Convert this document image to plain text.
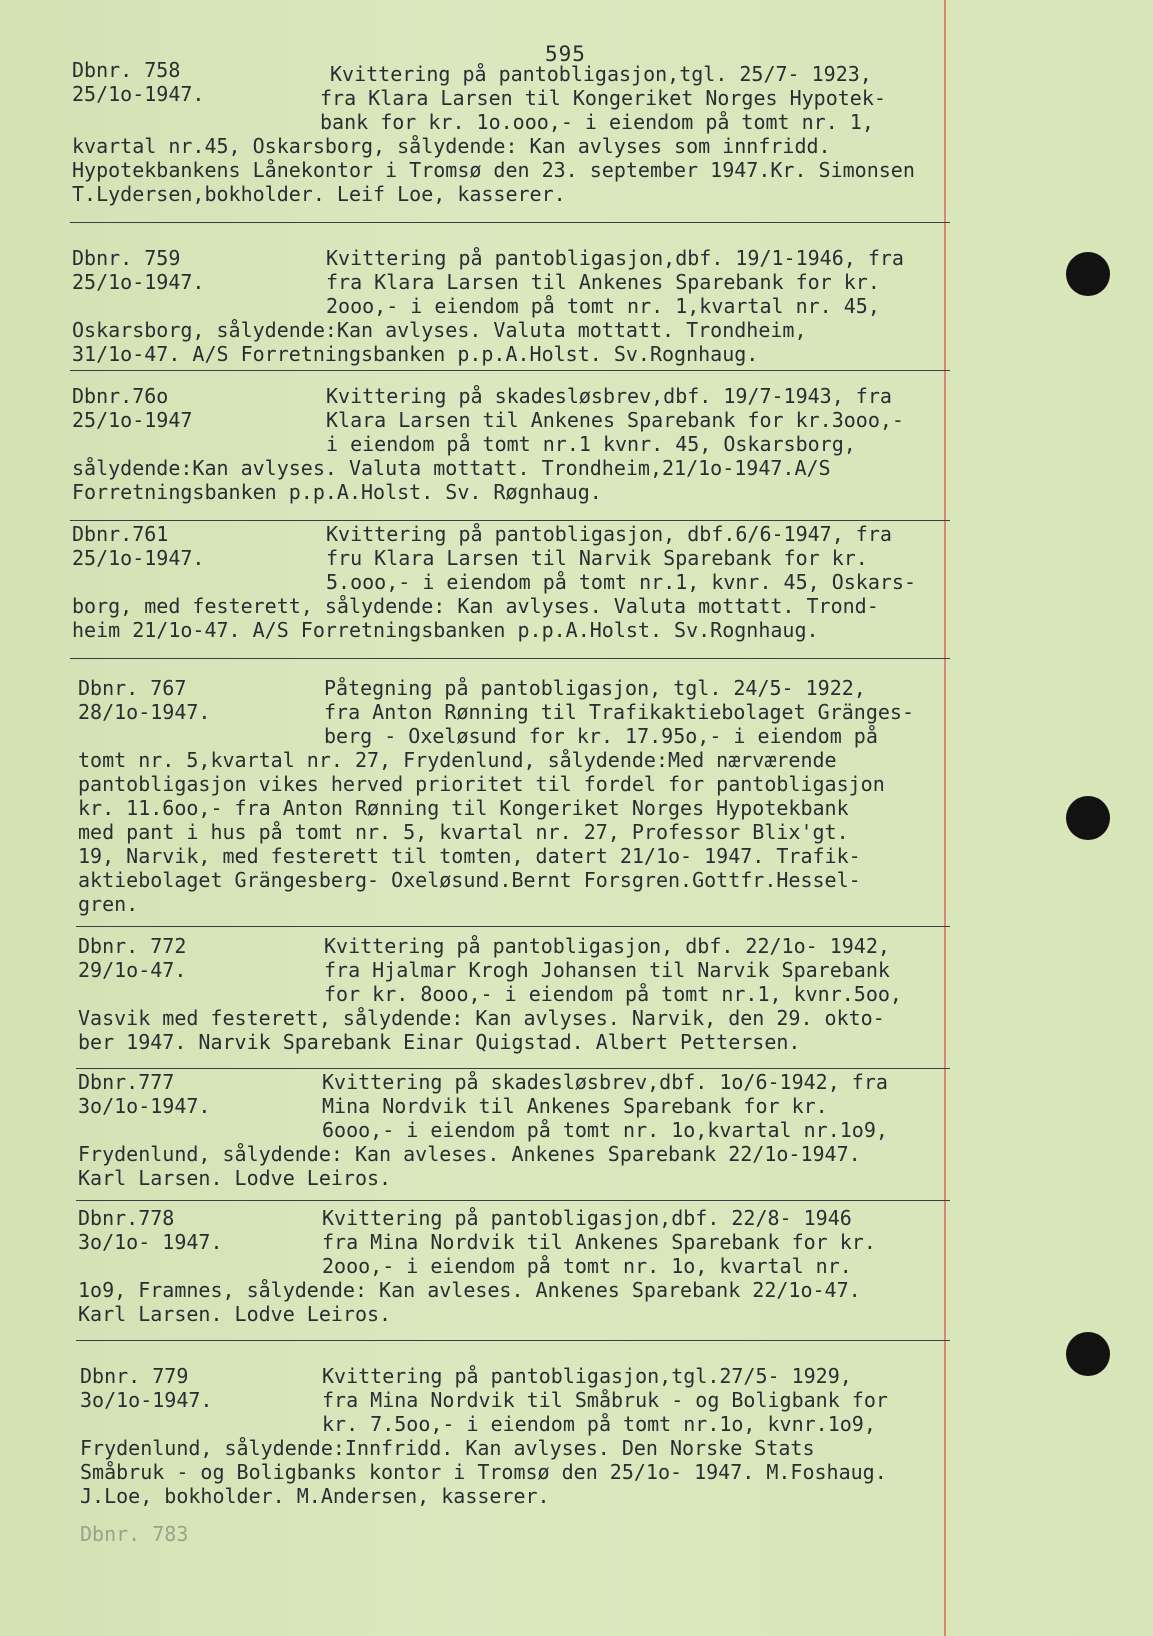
595
Dbnr. 758
25/1o-1947.
Kvittering på pantobligasjon,tgl. 25/7- 1923,
fra Klara Larsen til Kongeriket Norges Hypotek-
bank for kr. 1o.ooo,- i eiendom på tomt nr. 1,
kvartal nr.45, Oskarsborg, sålydende: Kan avlyses som innfridd.
Hypotekbankens Lånekontor i Tromsø den 23. september 1947.Kr. Simonsen
T.Lydersen,bokholder. Leif Loe, kasserer.
Dbnr. 759
25/1o-1947.
Kvittering på pantobligasjon,dbf. 19/1-1946, fra
fra Klara Larsen til Ankenes Sparebank for kr.
2ooo,- i eiendom på tomt nr. 1,kvartal nr. 45,
Oskarsborg, sålydende:Kan avlyses. Valuta mottatt. Trondheim,
31/1o-47. A/S Forretningsbanken p.p.A.Holst. Sv.Rognhaug.
Dbnr.76o
25/1o-1947
Kvittering på skadesløsbrev,dbf. 19/7-1943, fra
Klara Larsen til Ankenes Sparebank for kr.3ooo,-
i eiendom på tomt nr.1 kvnr. 45, Oskarsborg,
sålydende:Kan avlyses. Valuta mottatt. Trondheim,21/1o-1947.A/S
Forretningsbanken p.p.A.Holst. Sv. Røgnhaug.
Dbnr.761
25/1o-1947.
Kvittering på pantobligasjon, dbf.6/6-1947, fra
fru Klara Larsen til Narvik Sparebank for kr.
5.ooo,- i eiendom på tomt nr.1, kvnr. 45, Oskars-
borg, med festerett, sålydende: Kan avlyses. Valuta mottatt. Trond-
heim 21/1o-47. A/S Forretningsbanken p.p.A.Holst. Sv.Rognhaug.
Dbnr. 767
28/1o-1947.
Påtegning på pantobligasjon, tgl. 24/5- 1922,
fra Anton Rønning til Trafikaktiebolaget Gränges-
berg - Oxeløsund for kr. 17.95o,- i eiendom på
tomt nr. 5,kvartal nr. 27, Frydenlund, sålydende:Med nærværende
pantobligasjon vikes herved prioritet til fordel for pantobligasjon
kr. 11.6oo,- fra Anton Rønning til Kongeriket Norges Hypotekbank
med pant i hus på tomt nr. 5, kvartal nr. 27, Professor Blix'gt.
19, Narvik, med festerett til tomten, datert 21/1o- 1947. Trafik-
aktiebolaget Grängesberg- Oxeløsund.Bernt Forsgren.Gottfr.Hessel-
gren.
Dbnr. 772
29/1o-47.
Kvittering på pantobligasjon, dbf. 22/1o- 1942,
fra Hjalmar Krogh Johansen til Narvik Sparebank
for kr. 8ooo,- i eiendom på tomt nr.1, kvnr.5oo,
Vasvik med festerett, sålydende: Kan avlyses. Narvik, den 29. okto-
ber 1947. Narvik Sparebank Einar Quigstad. Albert Pettersen.
Dbnr.777
3o/1o-1947.
Kvittering på skadesløsbrev,dbf. 1o/6-1942, fra
Mina Nordvik til Ankenes Sparebank for kr.
6ooo,- i eiendom på tomt nr. 1o,kvartal nr.1o9,
Frydenlund, sålydende: Kan avleses. Ankenes Sparebank 22/1o-1947.
Karl Larsen. Lodve Leiros.
Dbnr.778
3o/1o- 1947.
Kvittering på pantobligasjon,dbf. 22/8- 1946
fra Mina Nordvik til Ankenes Sparebank for kr.
2ooo,- i eiendom på tomt nr. 1o, kvartal nr.
1o9, Framnes, sålydende: Kan avleses. Ankenes Sparebank 22/1o-47.
Karl Larsen. Lodve Leiros.
Dbnr. 779
3o/1o-1947.
Kvittering på pantobligasjon,tgl.27/5- 1929,
fra Mina Nordvik til Småbruk - og Boligbank for
kr. 7.5oo,- i eiendom på tomt nr.1o, kvnr.1o9,
Frydenlund, sålydende:Innfridd. Kan avlyses. Den Norske Stats
Småbruk - og Boligbanks kontor i Tromsø den 25/1o- 1947. M.Foshaug.
J.Loe, bokholder. M.Andersen, kasserer.
Dbnr. 783
